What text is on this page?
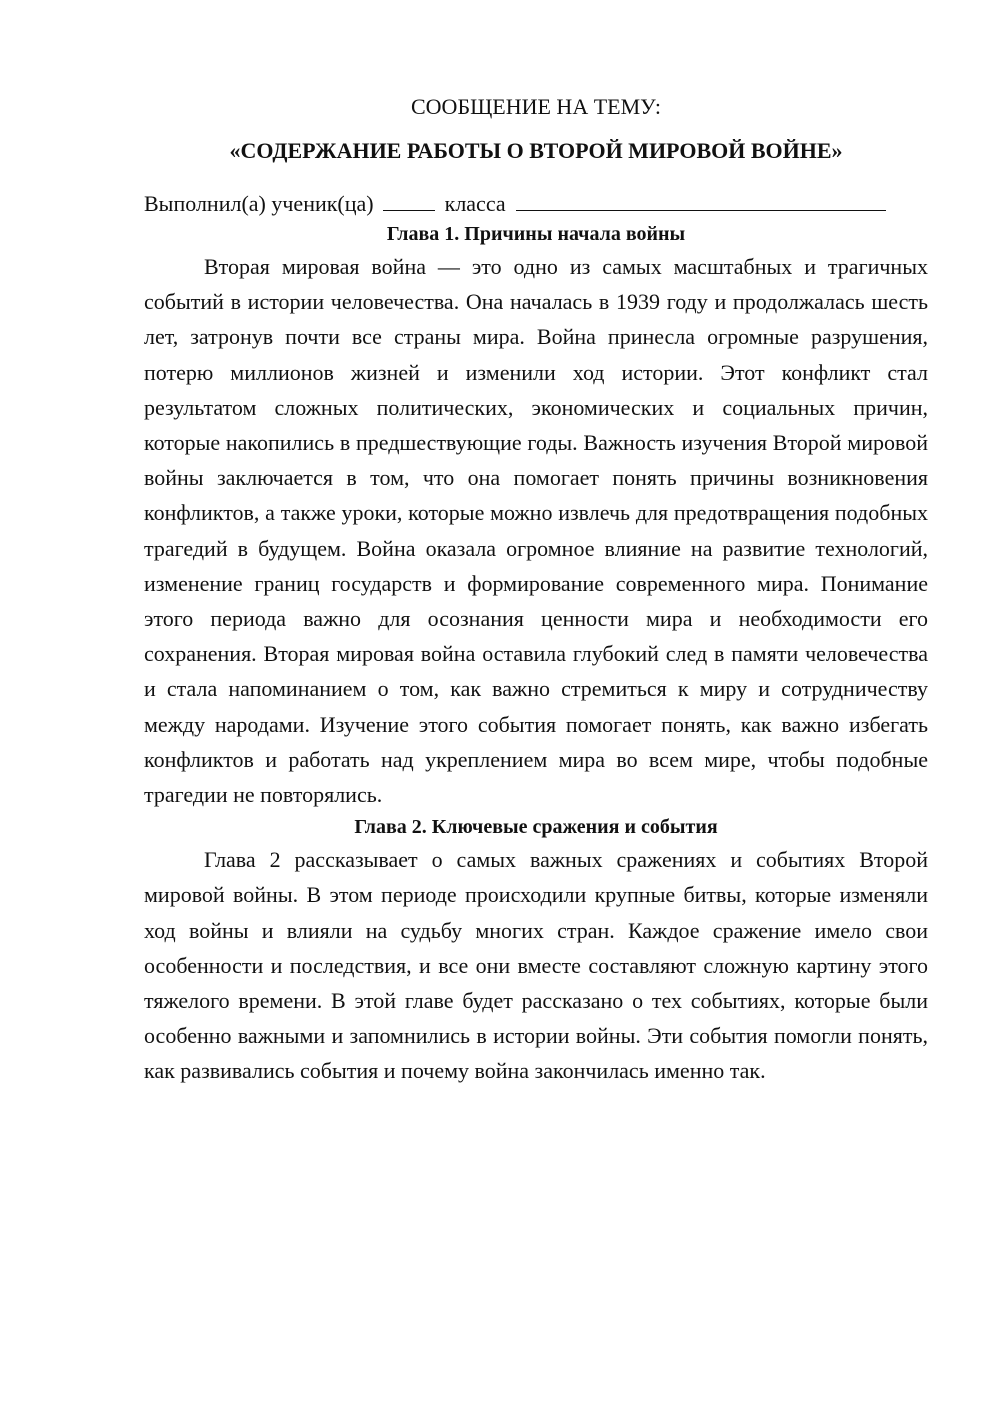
СООБЩЕНИЕ НА ТЕМУ:

«СОДЕРЖАНИЕ РАБОТЫ О ВТОРОЙ МИРОВОЙ ВОЙНЕ»

Выполнил(а) ученик(ца)	класса

Глава 1. Причины начала войны

Вторая мировая война — это одно из самых масштабных и трагичных событий в истории человечества. Она началась в 1939 году и продолжалась шесть лет, затронув почти все страны мира. Война принесла огромные разрушения, потерю миллионов жизней и изменили ход истории. Этот конфликт стал результатом сложных политических, экономических и социальных причин, которые накопились в предшествующие годы. Важность изучения Второй мировой войны заключается в том, что она помогает понять причины возникновения конфликтов, а также уроки, которые можно извлечь для предотвращения подобных трагедий в будущем. Война оказала огромное влияние на развитие технологий, изменение границ государств и формирование современного мира. Понимание этого периода важно для осознания ценности мира и необходимости его сохранения. Вторая мировая война оставила глубокий след в памяти человечества и стала напоминанием о том, как важно стремиться к миру и сотрудничеству между народами. Изучение этого события помогает понять, как важно избегать конфликтов и работать над укреплением мира во всем мире, чтобы подобные трагедии не повторялись.

Глава 2. Ключевые сражения и события

Глава 2 рассказывает о самых важных сражениях и событиях Второй мировой войны. В этом периоде происходили крупные битвы, которые изменяли ход войны и влияли на судьбу многих стран. Каждое сражение имело свои особенности и последствия, и все они вместе составляют сложную картину этого тяжелого времени. В этой главе будет рассказано о тех событиях, которые были особенно важными и запомнились в истории войны. Эти события помогли понять, как развивались события и почему война закончилась именно так.
